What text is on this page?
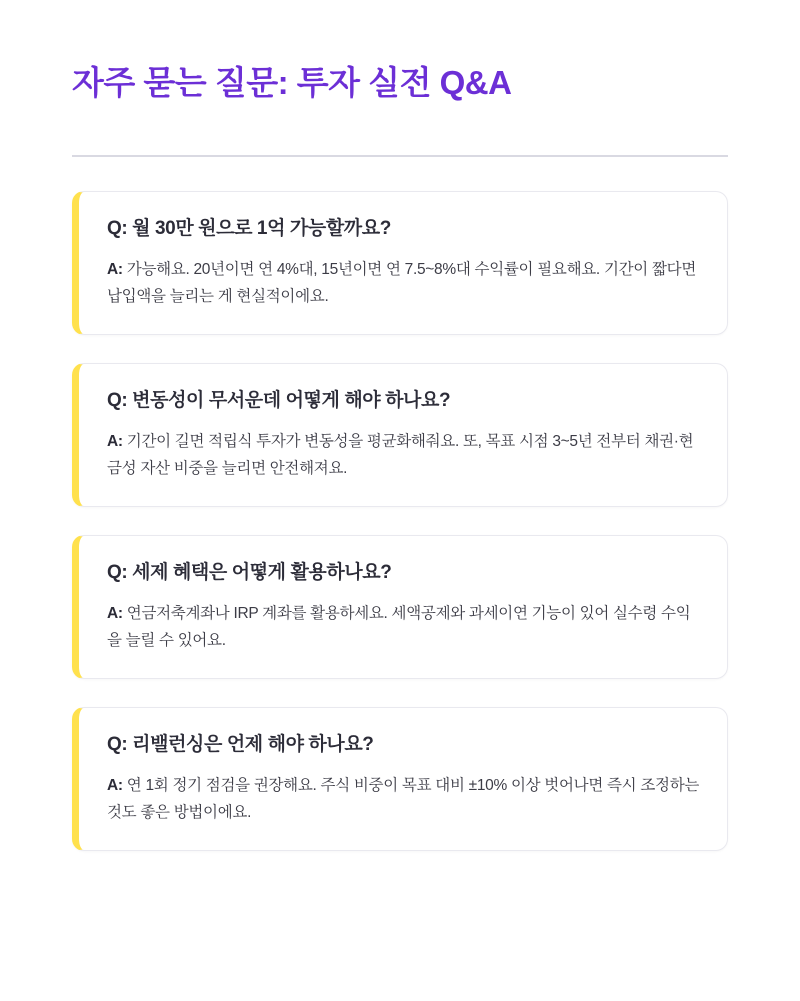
자주 묻는 질문: 투자 실전 Q&A

Q: 월 30만 원으로 1억 가능할까요?

A: 가능해요. 20년이면 연 4%대, 15년이면 연 7.5~8%대 수익률이 필요해요. 기간이 짧다면 납입액을 늘리는 게 현실적이에요.

Q: 변동성이 무서운데 어떻게 해야 하나요?

A: 기간이 길면 적립식 투자가 변동성을 평균화해줘요. 또, 목표 시점 3~5년 전부터 채권·현금성 자산 비중을 늘리면 안전해져요.

Q: 세제 혜택은 어떻게 활용하나요?

A: 연금저축계좌나 IRP 계좌를 활용하세요. 세액공제와 과세이연 기능이 있어 실수령 수익을 늘릴 수 있어요.

Q: 리밸런싱은 언제 해야 하나요?

A: 연 1회 정기 점검을 권장해요. 주식 비중이 목표 대비 ±10% 이상 벗어나면 즉시 조정하는 것도 좋은 방법이에요.
